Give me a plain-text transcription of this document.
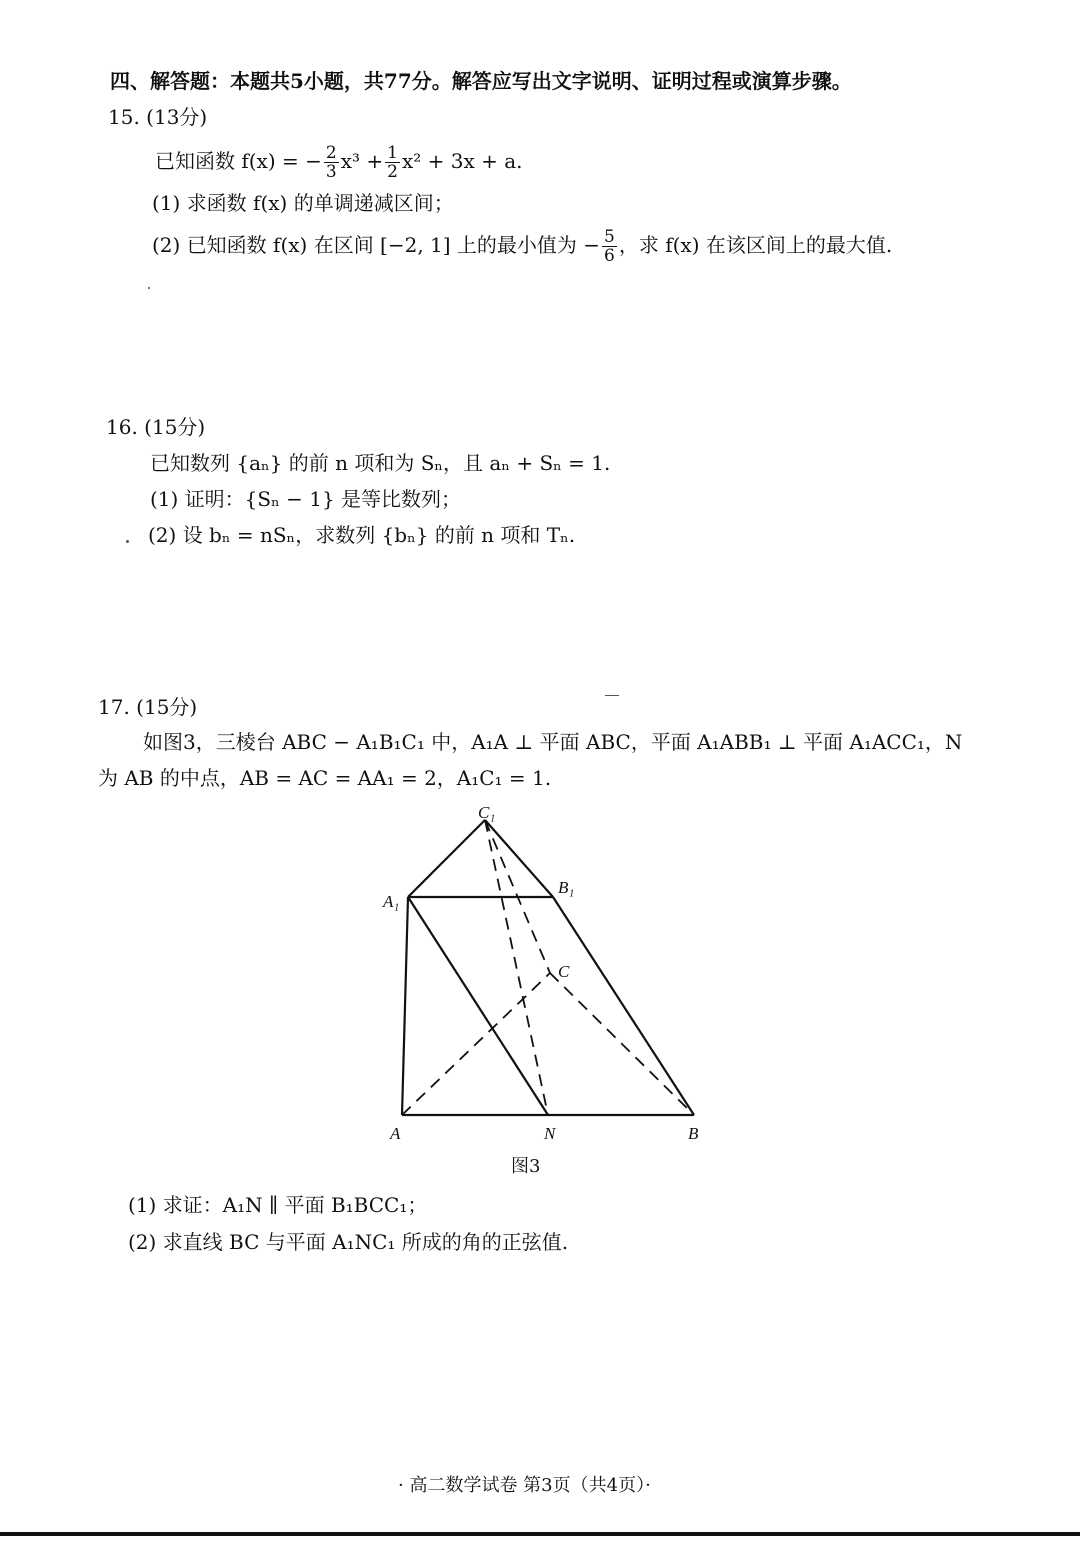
四、解答题：本题共5小题，共77分。解答应写出文字说明、证明过程或演算步骤。
15. (13分)
已知函数 f(x) = − $\frac{2}{3} x^3 + \frac{1}{2} x^2 + 3x + a$.
(1) 求函数 f(x) 的单调递减区间；
(2) 已知函数 f(x) 在区间 [−2, 1] 上的最小值为 − $\frac{5}{6}$ ，求 f(x) 在该区间上的最大值.
16. (15分)
已知数列 {aₙ} 的前 n 项和为 Sₙ，且 aₙ + Sₙ = 1.
(1) 证明：{Sₙ − 1} 是等比数列；
(2) 设 bₙ = nSₙ，求数列 {bₙ} 的前 n 项和 Tₙ.
17. (15分)
如图3，三棱台 ABC − A₁B₁C₁ 中，A₁A ⊥ 平面 ABC，平面 A₁ABB₁ ⊥ 平面 A₁ACC₁，N
为 AB 的中点，AB = AC = AA₁ = 2，A₁C₁ = 1.
C₁
A₁
B₁
C
A	N	B
图3
(1) 求证：A₁N ∥ 平面 B₁BCC₁；
(2) 求直线 BC 与平面 A₁NC₁ 所成的角的正弦值.
· 高二数学试卷 第3页（共4页）·
